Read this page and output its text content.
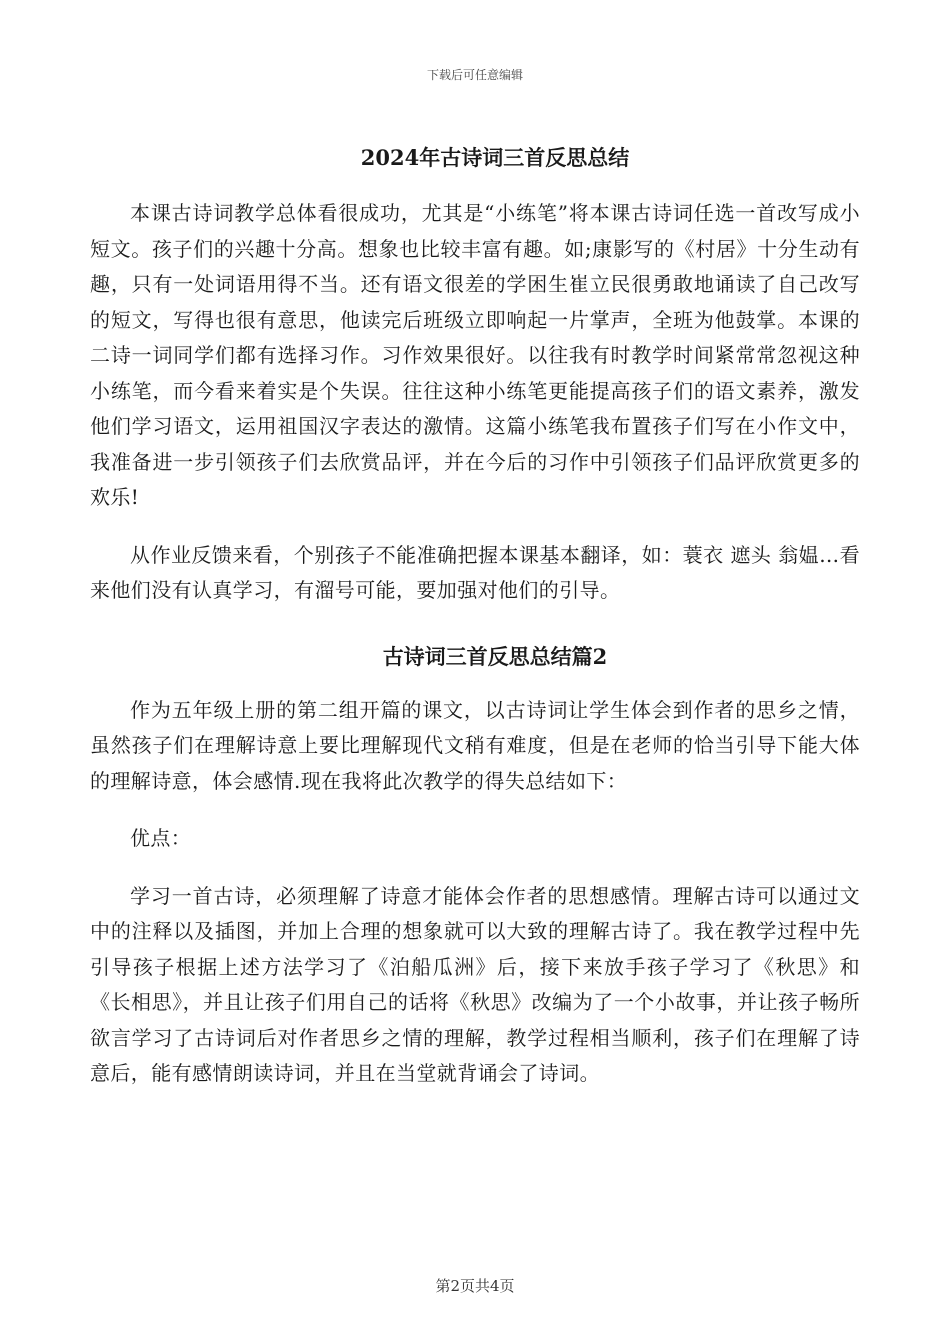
下载后可任意编辑
2024年古诗词三首反思总结

本课古诗词教学总体看很成功，尤其是“小练笔”将本课古诗词任选一首改写成小短文。孩子们的兴趣十分高。想象也比较丰富有趣。如;康影写的《村居》十分生动有趣，只有一处词语用得不当。还有语文很差的学困生崔立民很勇敢地诵读了自己改写的短文，写得也很有意思，他读完后班级立即响起一片掌声，全班为他鼓掌。本课的二诗一词同学们都有选择习作。习作效果很好。以往我有时教学时间紧常常忽视这种小练笔，而今看来着实是个失误。往往这种小练笔更能提高孩子们的语文素养，激发他们学习语文，运用祖国汉字表达的激情。这篇小练笔我布置孩子们写在小作文中，我准备进一步引领孩子们去欣赏品评，并在今后的习作中引领孩子们品评欣赏更多的欢乐!

从作业反馈来看，个别孩子不能准确把握本课基本翻译，如：蓑衣 遮头 翁媪…看来他们没有认真学习，有溜号可能，要加强对他们的引导。

古诗词三首反思总结篇2

作为五年级上册的第二组开篇的课文，以古诗词让学生体会到作者的思乡之情，虽然孩子们在理解诗意上要比理解现代文稍有难度，但是在老师的恰当引导下能大体的理解诗意，体会感情.现在我将此次教学的得失总结如下：

优点：

学习一首古诗，必须理解了诗意才能体会作者的思想感情。理解古诗可以通过文中的注释以及插图，并加上合理的想象就可以大致的理解古诗了。我在教学过程中先引导孩子根据上述方法学习了《泊船瓜洲》后，接下来放手孩子学习了《秋思》和《长相思》，并且让孩子们用自己的话将《秋思》改编为了一个小故事，并让孩子畅所欲言学习了古诗词后对作者思乡之情的理解，教学过程相当顺利，孩子们在理解了诗意后，能有感情朗读诗词，并且在当堂就背诵会了诗词。

第2页共4页
